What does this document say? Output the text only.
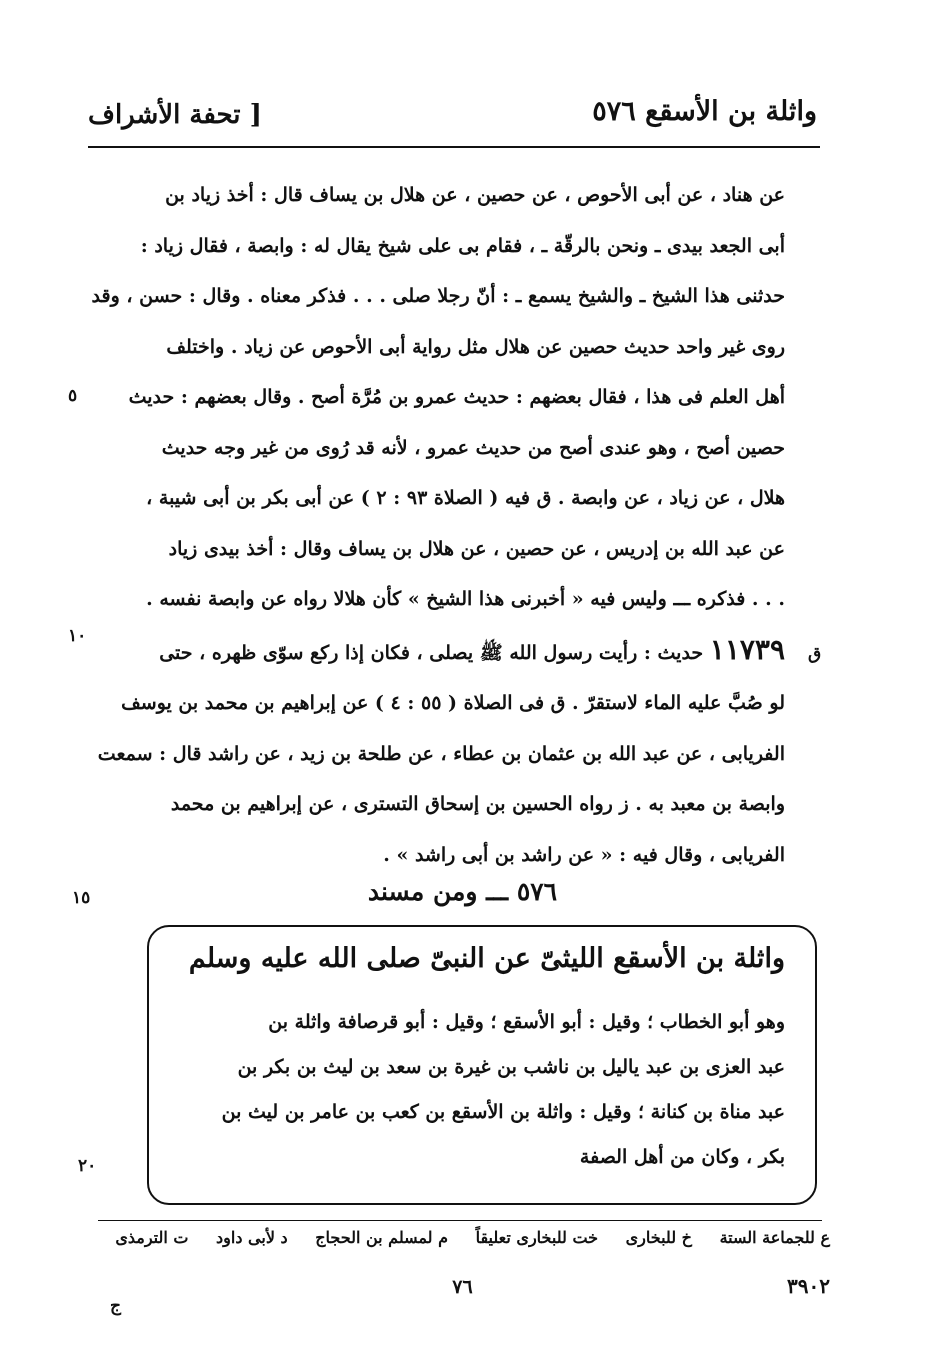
واثلة بن الأسقع ٥٧٦
[ تحفة الأشراف
عن هناد ، عن أبى الأحوص ، عن حصين ، عن هلال بن يساف قال : أخذ زياد بن
أبى الجعد بيدى ـ ونحن بالرقّة ـ ، فقام بى على شيخ يقال له : وابصة ، فقال زياد :
حدثنى هذا الشيخ ـ والشيخ يسمع ـ : أنّ رجلا صلى . . . فذكر معناه . وقال : حسن ، وقد
روى غير واحد حديث حصين عن هلال مثل رواية أبى الأحوص عن زياد . واختلف
أهل العلم فى هذا ، فقال بعضهم : حديث عمرو بن مُرَّة أصح . وقال بعضهم : حديث
حصين أصح ، وهو عندى أصح من حديث عمرو ، لأنه قد رُوى من غير وجه حديث
هلال ، عن زياد ، عن وابصة . ق فيه ( الصلاة ٩٣ : ٢ ) عن أبى بكر بن أبى شيبة ،
عن عبد الله بن إدريس ، عن حصين ، عن هلال بن يساف وقال : أخذ بيدى زياد
. . . فذكره ـــ وليس فيه « أخبرنى هذا الشيخ » كأن هلالا رواه عن وابصة نفسه .
١١٧٣٩ حديث : رأيت رسول الله ﷺ يصلى ، فكان إذا ركع سوّى ظهره ، حتى
لو صُبَّ عليه الماء لاستقرّ . ق فى الصلاة ( ٥٥ : ٤ ) عن إبراهيم بن محمد بن يوسف
الفريابى ، عن عبد الله بن عثمان بن عطاء ، عن طلحة بن زيد ، عن راشد قال : سمعت
وابصة بن معبد به . ز رواه الحسين بن إسحاق التسترى ، عن إبراهيم بن محمد
الفريابى ، وقال فيه : « عن راشد بن أبى راشد » .
٥
١٠
ق
١٥
٢٠
٥٧٦ ـــ ومن مسند
واثلة بن الأسقع الليثىّ عن النبىّ صلى الله عليه وسلم
وهو أبو الخطاب ؛ وقيل : أبو الأسقع ؛ وقيل : أبو قرصافة واثلة بن
عبد العزى بن عبد ياليل بن ناشب بن غيرة بن سعد بن ليث بن بكر بن
عبد مناة بن كنانة ؛ وقيل : واثلة بن الأسقع بن كعب بن عامر بن ليث بن
بكر ، وكان من أهل الصفة
ع للجماعة الستة خ للبخارى خت للبخارى تعليقاً م لمسلم بن الحجاج د لأبى داود ت الترمذى
٧٦	٣٩٠٢
ج
